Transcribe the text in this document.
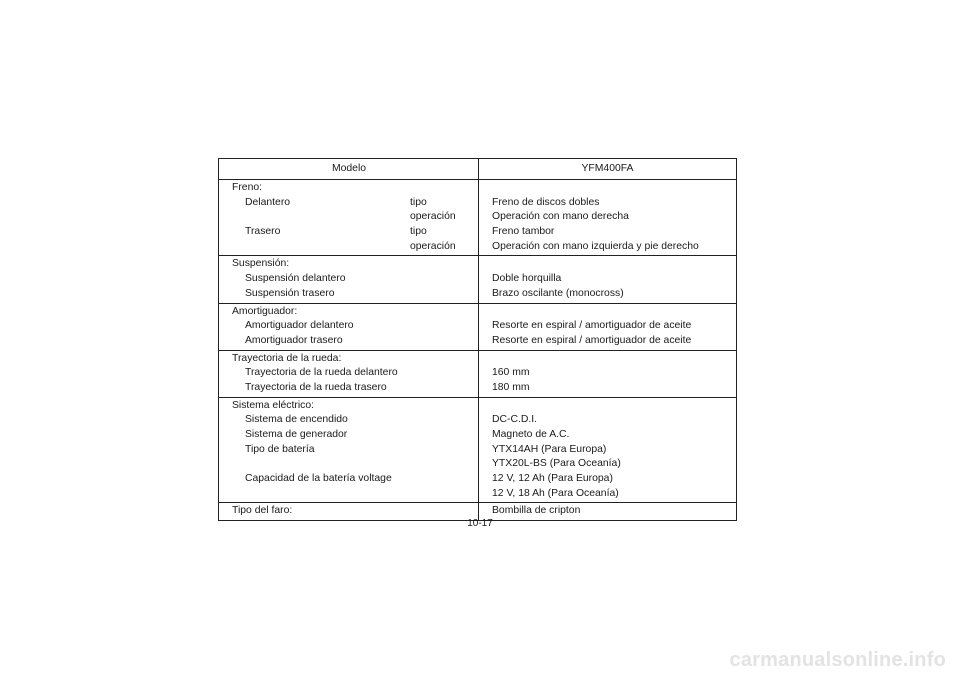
Modelo	YFM400FA
Freno:
Delantero	tipo	Freno de discos dobles
operación	Operación con mano derecha
Trasero	tipo	Freno tambor
operación	Operación con mano izquierda y pie derecho
Suspensión:
Suspensión delantero	Doble horquilla
Suspensión trasero	Brazo oscilante (monocross)
Amortiguador:
Amortiguador delantero	Resorte en espiral / amortiguador de aceite
Amortiguador trasero	Resorte en espiral / amortiguador de aceite
Trayectoria de la rueda:
Trayectoria de la rueda delantero	160 mm
Trayectoria de la rueda trasero	180 mm
Sistema eléctrico:
Sistema de encendido	DC-C.D.I.
Sistema de generador	Magneto de A.C.
Tipo de batería	YTX14AH (Para Europa)
YTX20L-BS (Para Oceanía)
Capacidad de la batería voltage	12 V, 12 Ah (Para Europa)
12 V, 18 Ah (Para Oceanía)
Tipo del faro:	Bombilla de cripton
10-17
carmanualsonline.info
